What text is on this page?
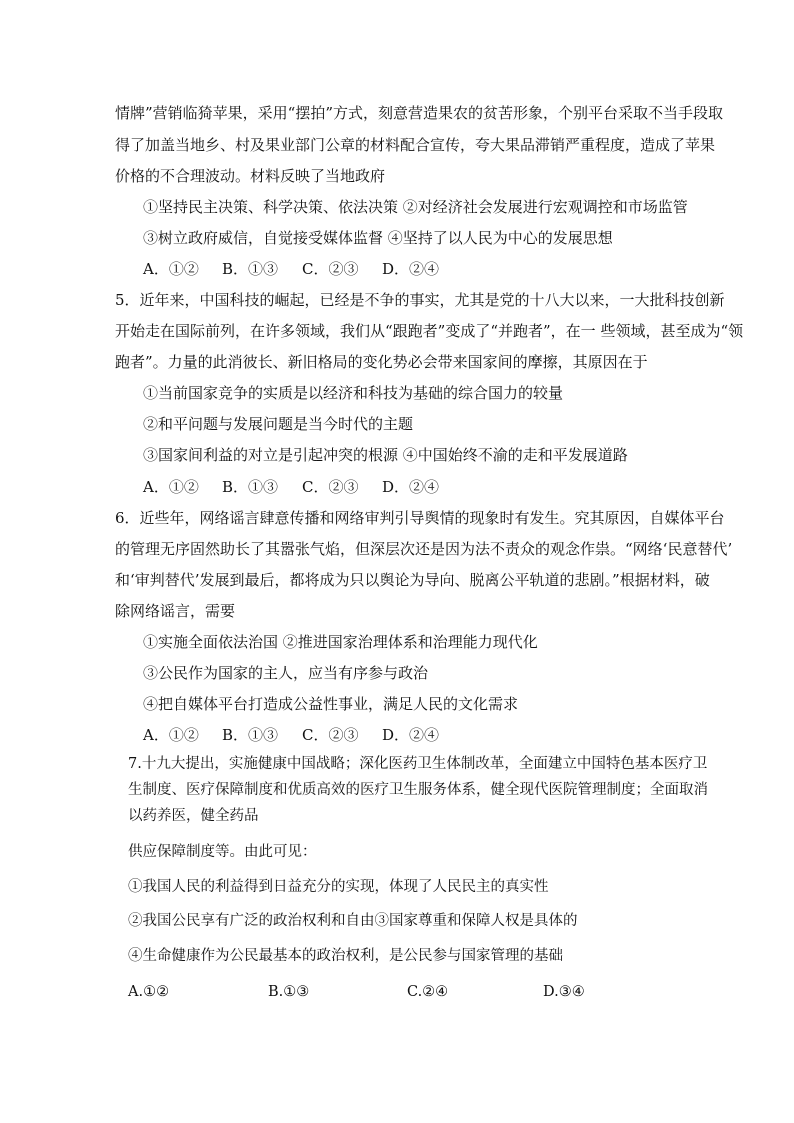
情牌”营销临猗苹果，采用“摆拍”方式，刻意营造果农的贫苦形象，个别平台采取不当手段取
得了加盖当地乡、村及果业部门公章的材料配合宣传，夸大果品滞销严重程度，造成了苹果
价格的不合理波动。材料反映了当地政府
①坚持民主决策、科学决策、依法决策 ②对经济社会发展进行宏观调控和市场监管
③树立政府威信，自觉接受媒体监督 ④坚持了以人民为中心的发展思想
A．①② B．①③ C．②③ D．②④
5．近年来，中国科技的崛起，已经是不争的事实，尤其是党的十八大以来，一大批科技创新
开始走在国际前列，在许多领域，我们从“跟跑者”变成了“并跑者”，在一 些领域，甚至成为“领
跑者”。力量的此消彼长、新旧格局的变化势必会带来国家间的摩擦，其原因在于
①当前国家竞争的实质是以经济和科技为基础的综合国力的较量
②和平问题与发展问题是当今时代的主题
③国家间利益的对立是引起冲突的根源 ④中国始终不渝的走和平发展道路
A．①② B．①③ C．②③ D．②④
6．近些年，网络谣言肆意传播和网络审判引导舆情的现象时有发生。究其原因，自媒体平台
的管理无序固然助长了其嚣张气焰，但深层次还是因为法不责众的观念作祟。“网络‘民意替代’
和‘审判替代’发展到最后，都将成为只以舆论为导向、脱离公平轨道的悲剧。”根据材料，破
除网络谣言，需要
①实施全面依法治国 ②推进国家治理体系和治理能力现代化
③公民作为国家的主人，应当有序参与政治
④把自媒体平台打造成公益性事业，满足人民的文化需求
A．①② B．①③ C．②③ D．②④
7.十九大提出，实施健康中国战略；深化医药卫生体制改革，全面建立中国特色基本医疗卫
生制度、医疗保障制度和优质高效的医疗卫生服务体系，健全现代医院管理制度；全面取消
以药养医，健全药品
供应保障制度等。由此可见：
①我国人民的利益得到日益充分的实现，体现了人民民主的真实性
②我国公民享有广泛的政治权利和自由③国家尊重和保障人权是具体的
④生命健康作为公民最基本的政治权利，是公民参与国家管理的基础
A.①②	B.①③	C.②④	D.③④
